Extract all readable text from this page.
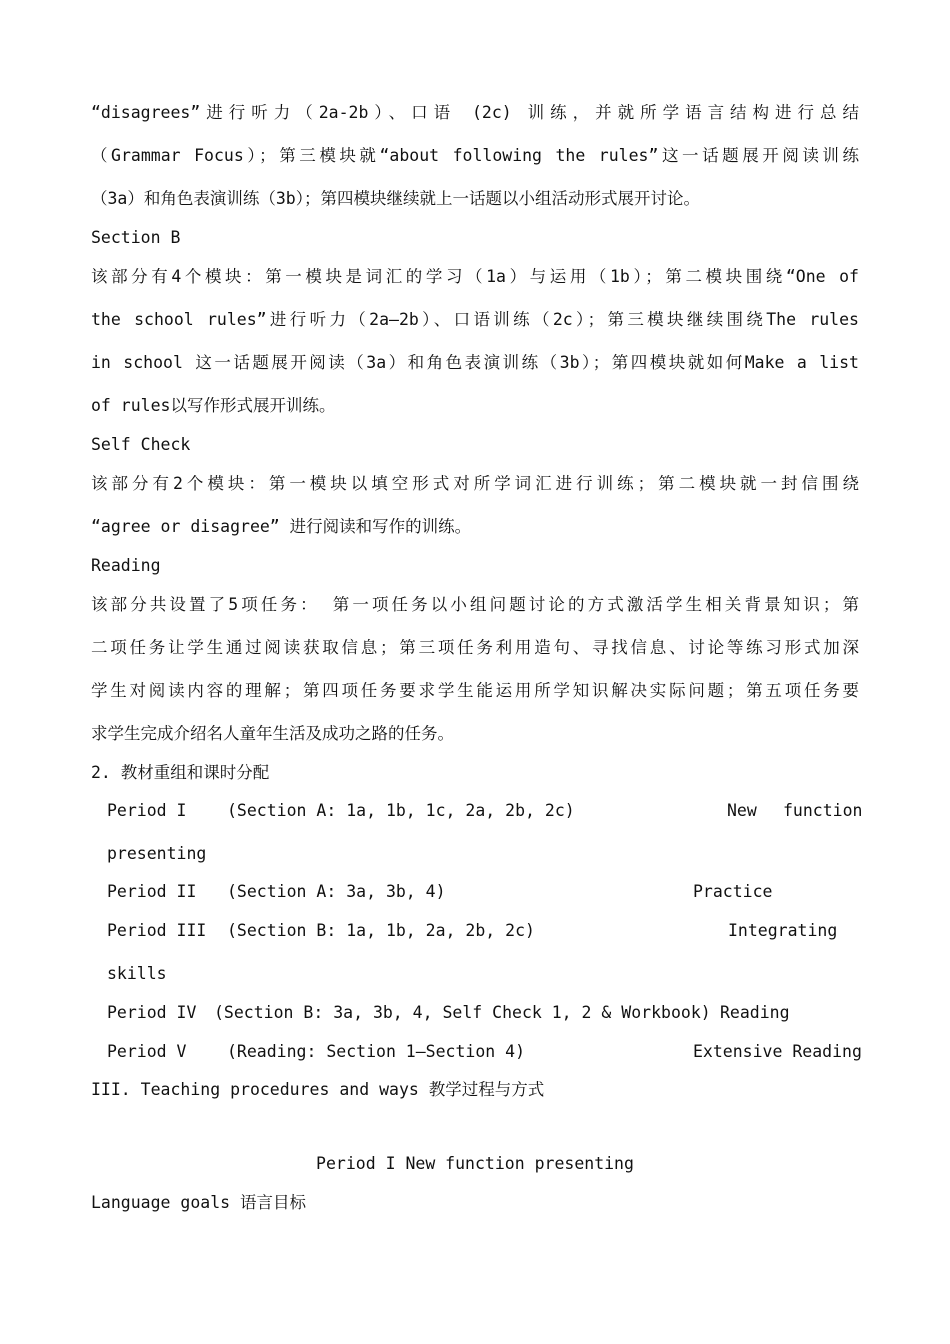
“disagrees”进行听力（2a-2b）、口语 (2c) 训练，并就所学语言结构进行总结
（Grammar Focus）；第三模块就“about following the rules”这一话题展开阅读训练
（3a）和角色表演训练（3b）；第四模块继续就上一话题以小组活动形式展开讨论。
Section B
该部分有4个模块：第一模块是词汇的学习（1a）与运用（1b）；第二模块围绕“One of
the school rules”进行听力（2a—2b）、口语训练（2c）；第三模块继续围绕The rules
in school 这一话题展开阅读（3a）和角色表演训练（3b）；第四模块就如何Make a list
of rules以写作形式展开训练。
Self Check
该部分有2个模块：第一模块以填空形式对所学词汇进行训练；第二模块就一封信围绕
“agree or disagree” 进行阅读和写作的训练。
Reading
该部分共设置了5项任务： 第一项任务以小组问题讨论的方式激活学生相关背景知识；第
二项任务让学生通过阅读获取信息；第三项任务利用造句、寻找信息、讨论等练习形式加深
学生对阅读内容的理解；第四项任务要求学生能运用所学知识解决实际问题；第五项任务要
求学生完成介绍名人童年生活及成功之路的任务。
2. 教材重组和课时分配
Period I (Section A: 1a, 1b, 1c, 2a, 2b, 2c)	New function
presenting
Period II (Section A: 3a, 3b, 4)	Practice
Period III (Section B: 1a, 1b, 2a, 2b, 2c)	Integrating
skills
Period IV (Section B: 3a, 3b, 4, Self Check 1, 2 & Workbook) Reading
Period V (Reading: Section 1—Section 4)	Extensive Reading
III. Teaching procedures and ways 教学过程与方式
Period I New function presenting
Language goals 语言目标
